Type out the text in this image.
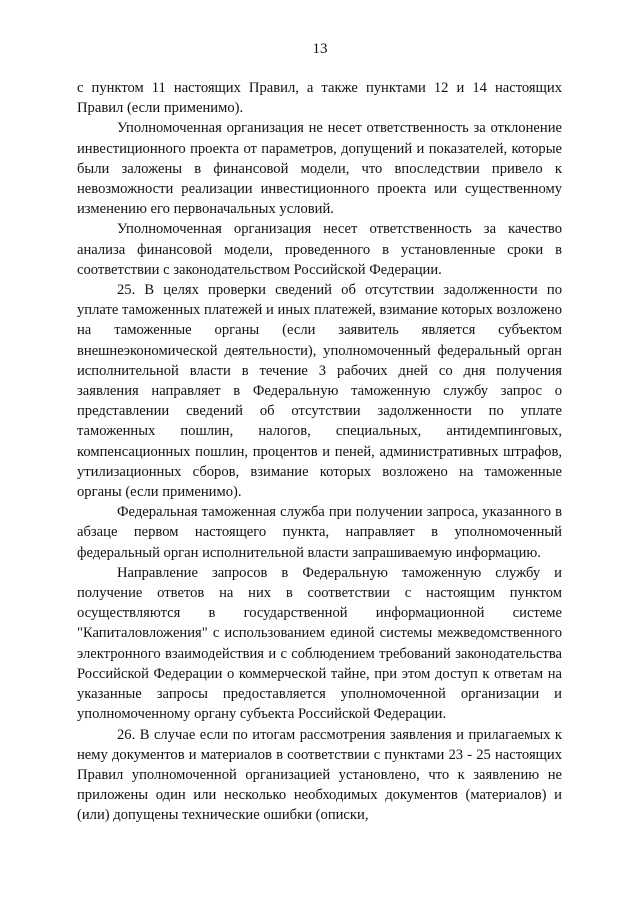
13

с пунктом 11 настоящих Правил, а также пунктами 12 и 14 настоящих Правил (если применимо).

Уполномоченная организация не несет ответственность за отклонение инвестиционного проекта от параметров, допущений и показателей, которые были заложены в финансовой модели, что впоследствии привело к невозможности реализации инвестиционного проекта или существенному изменению его первоначальных условий.

Уполномоченная организация несет ответственность за качество анализа финансовой модели, проведенного в установленные сроки в соответствии с законодательством Российской Федерации.

25. В целях проверки сведений об отсутствии задолженности по уплате таможенных платежей и иных платежей, взимание которых возложено на таможенные органы (если заявитель является субъектом внешнеэкономической деятельности), уполномоченный федеральный орган исполнительной власти в течение 3 рабочих дней со дня получения заявления направляет в Федеральную таможенную службу запрос о представлении сведений об отсутствии задолженности по уплате таможенных пошлин, налогов, специальных, антидемпинговых, компенсационных пошлин, процентов и пеней, административных штрафов, утилизационных сборов, взимание которых возложено на таможенные органы (если применимо).

Федеральная таможенная служба при получении запроса, указанного в абзаце первом настоящего пункта, направляет в уполномоченный федеральный орган исполнительной власти запрашиваемую информацию.

Направление запросов в Федеральную таможенную службу и получение ответов на них в соответствии с настоящим пунктом осуществляются в государственной информационной системе "Капиталовложения" с использованием единой системы межведомственного электронного взаимодействия и с соблюдением требований законодательства Российской Федерации о коммерческой тайне, при этом доступ к ответам на указанные запросы предоставляется уполномоченной организации и уполномоченному органу субъекта Российской Федерации.

26. В случае если по итогам рассмотрения заявления и прилагаемых к нему документов и материалов в соответствии с пунктами 23 - 25 настоящих Правил уполномоченной организацией установлено, что к заявлению не приложены один или несколько необходимых документов (материалов) и (или) допущены технические ошибки (описки,
